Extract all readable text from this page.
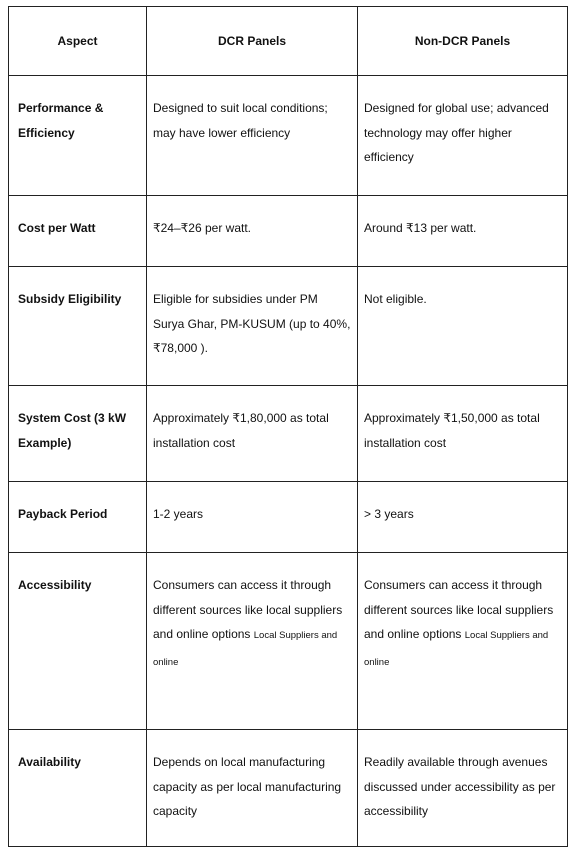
Aspect	DCR Panels	Non-DCR Panels

Performance & Efficiency	Designed to suit local conditions; may have lower efficiency	Designed for global use; advanced technology may offer higher efficiency

Cost per Watt	₹24–₹26 per watt.	Around ₹13 per watt.

Subsidy Eligibility	Eligible for subsidies under PM Surya Ghar, PM-KUSUM (up to 40%, ₹78,000 ).	Not eligible.

System Cost (3 kW Example)	Approximately ₹1,80,000 as total installation cost	Approximately ₹1,50,000 as total installation cost

Payback Period	1-2 years	> 3 years

Accessibility	Consumers can access it through different sources like local suppliers and online options Local Suppliers and online	Consumers can access it through different sources like local suppliers and online options Local Suppliers and online

Availability	Depends on local manufacturing capacity as per local manufacturing capacity	Readily available through avenues discussed under accessibility as per accessibility
